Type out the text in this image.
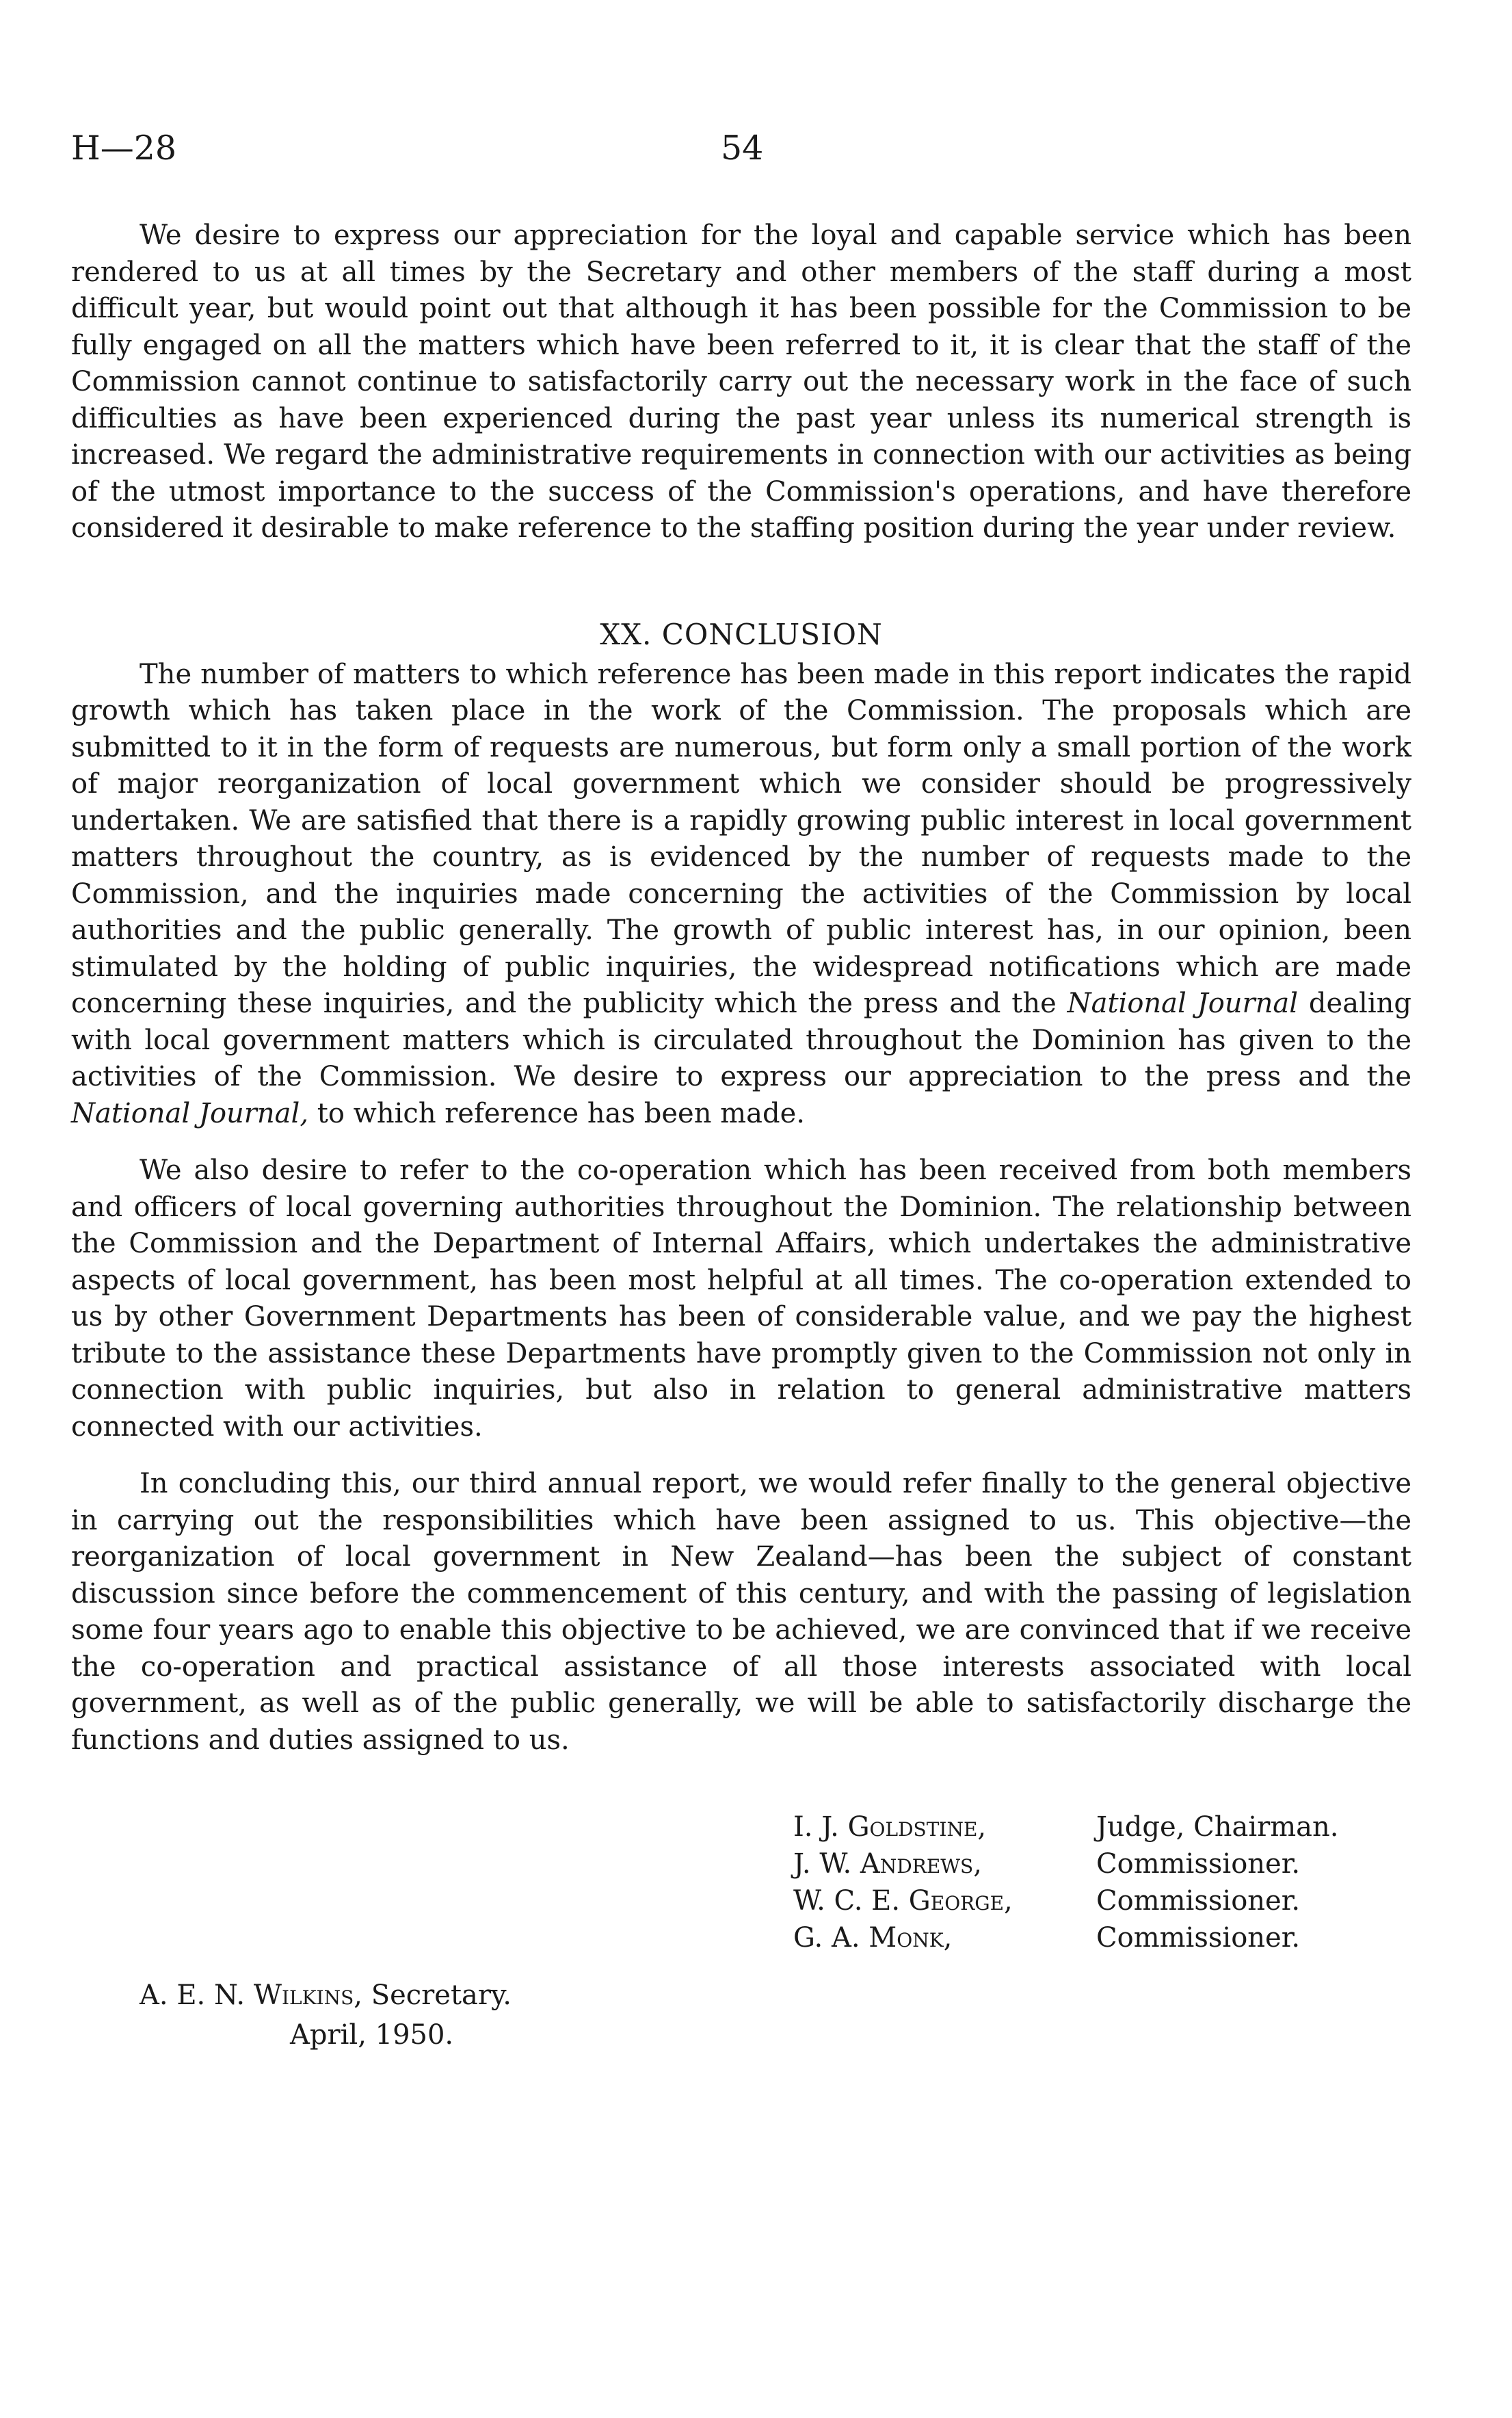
H—28	54

We desire to express our appreciation for the loyal and capable service which has been rendered to us at all times by the Secretary and other members of the staff during a most difficult year, but would point out that although it has been possible for the Commission to be fully engaged on all the matters which have been referred to it, it is clear that the staff of the Commission cannot continue to satisfactorily carry out the necessary work in the face of such difficulties as have been experienced during the past year unless its numerical strength is increased. We regard the administrative requirements in connection with our activities as being of the utmost importance to the success of the Commission's operations, and have therefore considered it desirable to make reference to the staffing position during the year under review.

XX. CONCLUSION

The number of matters to which reference has been made in this report indicates the rapid growth which has taken place in the work of the Commission. The proposals which are submitted to it in the form of requests are numerous, but form only a small portion of the work of major reorganization of local government which we consider should be progressively undertaken. We are satisfied that there is a rapidly growing public interest in local government matters throughout the country, as is evidenced by the number of requests made to the Commission, and the inquiries made concerning the activities of the Commission by local authorities and the public generally. The growth of public interest has, in our opinion, been stimulated by the holding of public inquiries, the widespread notifications which are made concerning these inquiries, and the publicity which the press and the National Journal dealing with local government matters which is circulated throughout the Dominion has given to the activities of the Commission. We desire to express our appreciation to the press and the National Journal, to which reference has been made.

We also desire to refer to the co-operation which has been received from both members and officers of local governing authorities throughout the Dominion. The relationship between the Commission and the Department of Internal Affairs, which undertakes the administrative aspects of local government, has been most helpful at all times. The co-operation extended to us by other Government Departments has been of considerable value, and we pay the highest tribute to the assistance these Departments have promptly given to the Commission not only in connection with public inquiries, but also in relation to general administrative matters connected with our activities.

In concluding this, our third annual report, we would refer finally to the general objective in carrying out the responsibilities which have been assigned to us. This objective—the reorganization of local government in New Zealand—has been the subject of constant discussion since before the commencement of this century, and with the passing of legislation some four years ago to enable this objective to be achieved, we are convinced that if we receive the co-operation and practical assistance of all those interests associated with local government, as well as of the public generally, we will be able to satisfactorily discharge the functions and duties assigned to us.

I. J. Goldstine,	Judge, Chairman.
J. W. Andrews,	Commissioner.
W. C. E. George,	Commissioner.
G. A. Monk,	Commissioner.
A. E. N. Wilkins, Secretary.
April, 1950.
